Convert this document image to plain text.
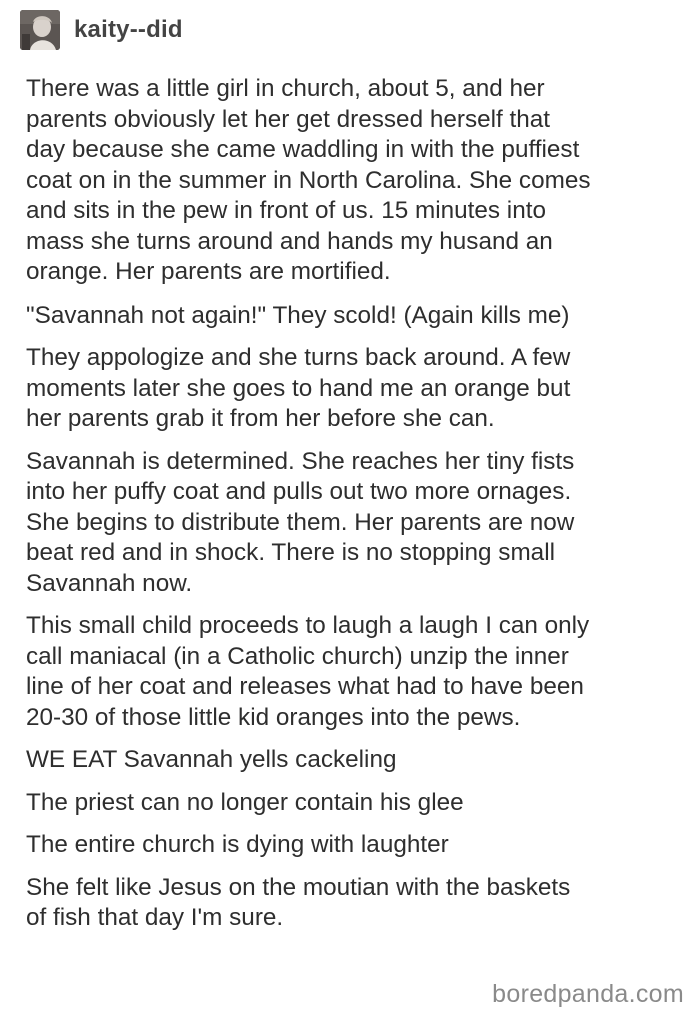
kaity--did
There was a little girl in church, about 5, and her
parents obviously let her get dressed herself that
day because she came waddling in with the puffiest
coat on in the summer in North Carolina. She comes
and sits in the pew in front of us. 15 minutes into
mass she turns around and hands my husand an
orange. Her parents are mortified.
"Savannah not again!" They scold! (Again kills me)
They appologize and she turns back around. A few
moments later she goes to hand me an orange but
her parents grab it from her before she can.
Savannah is determined. She reaches her tiny fists
into her puffy coat and pulls out two more ornages.
She begins to distribute them. Her parents are now
beat red and in shock. There is no stopping small
Savannah now.
This small child proceeds to laugh a laugh I can only
call maniacal (in a Catholic church) unzip the inner
line of her coat and releases what had to have been
20-30 of those little kid oranges into the pews.
WE EAT Savannah yells cackeling
The priest can no longer contain his glee
The entire church is dying with laughter
She felt like Jesus on the moutian with the baskets
of fish that day I'm sure.
boredpanda.com
